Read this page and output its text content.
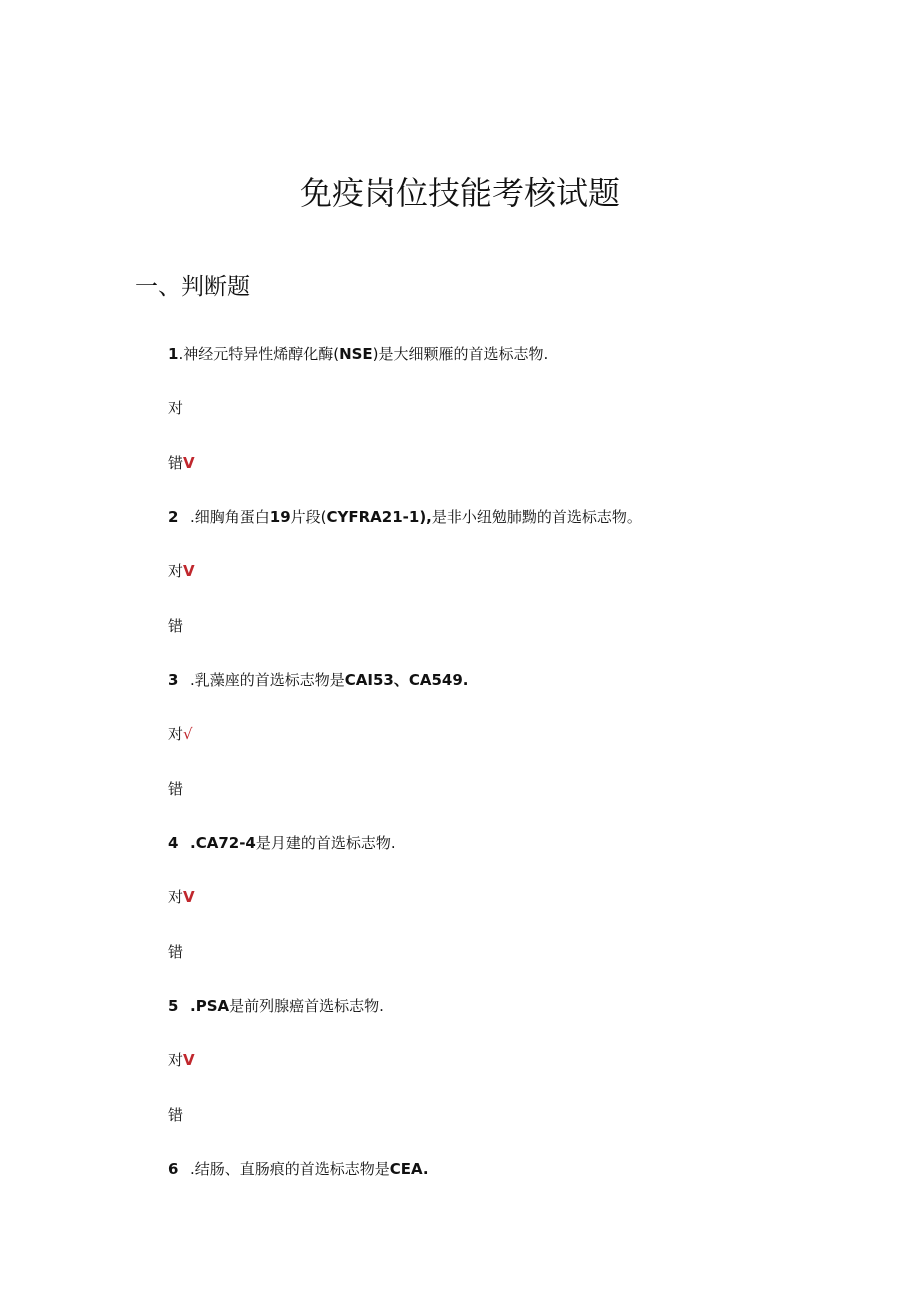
免疫岗位技能考核试题
一、判断题
1.神经元特异性烯醇化酶(NSE)是大细颗雁的首选标志物.
对
错V
2 .细胸角蛋白19片段(CYFRA21-1),是非小纽勉肺黝的首选标志物。
对V
错
3 .乳藻座的首选标志物是CAI53、CA549.
对√
错
4 .CA72-4是月建的首选标志物.
对V
错
5 .PSA是前列腺癌首选标志物.
对V
错
6 .结肠、直肠痕的首选标志物是CEA.
